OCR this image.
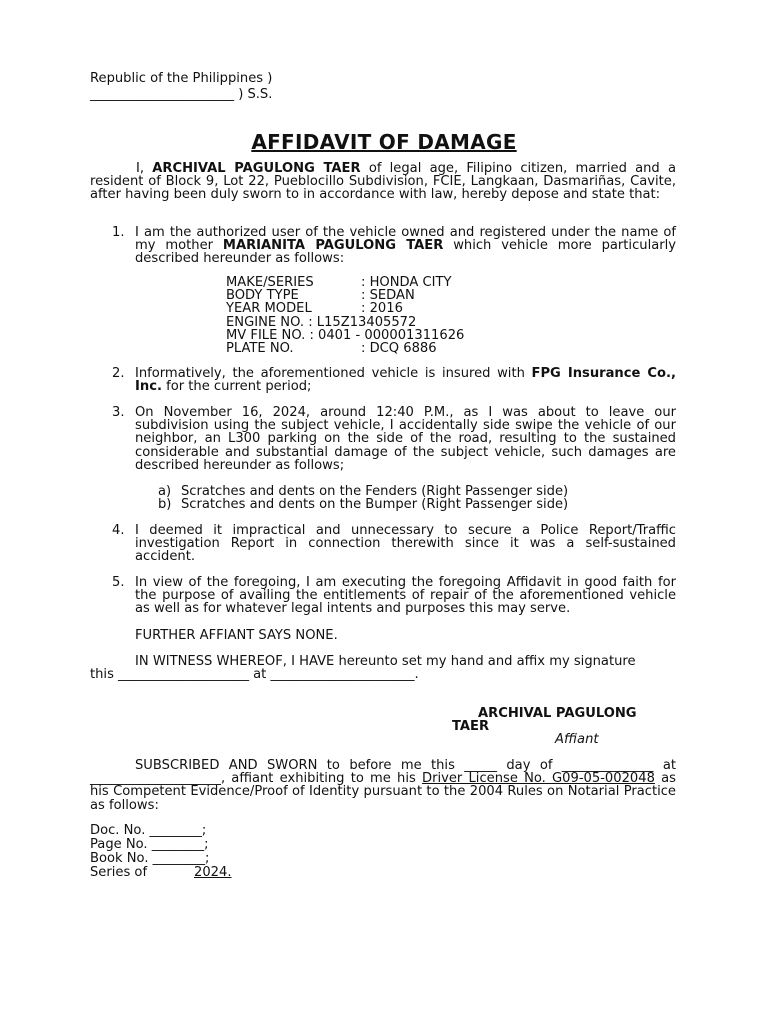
Republic of the Philippines )
______________________ ) S.S.
AFFIDAVIT OF DAMAGE
I, ARCHIVAL PAGULONG TAER of legal age, Filipino citizen, married and a resident of Block 9, Lot 22, Pueblocillo Subdivision, FCIE, Langkaan, Dasmariñas, Cavite, after having been duly sworn to in accordance with law, hereby depose and state that:
1. I am the authorized user of the vehicle owned and registered under the name of my mother MARIANITA PAGULONG TAER which vehicle more particularly described hereunder as follows:
MAKE/SERIES	: HONDA CITY
BODY TYPE	: SEDAN
YEAR MODEL	: 2016
ENGINE NO. : L15Z13405572
MV FILE NO. : 0401 - 000001311626
PLATE NO.	: DCQ 6886
2. Informatively, the aforementioned vehicle is insured with FPG Insurance Co., Inc. for the current period;
3. On November 16, 2024, around 12:40 P.M., as I was about to leave our subdivision using the subject vehicle, I accidentally side swipe the vehicle of our neighbor, an L300 parking on the side of the road, resulting to the sustained considerable and substantial damage of the subject vehicle, such damages are described hereunder as follows;
a) Scratches and dents on the Fenders (Right Passenger side)
b) Scratches and dents on the Bumper (Right Passenger side)
4. I deemed it impractical and unnecessary to secure a Police Report/Traffic investigation Report in connection therewith since it was a self-sustained accident.
5. In view of the foregoing, I am executing the foregoing Affidavit in good faith for the purpose of availing the entitlements of repair of the aforementioned vehicle as well as for whatever legal intents and purposes this may serve.
FURTHER AFFIANT SAYS NONE.
IN WITNESS WHEREOF, I HAVE hereunto set my hand and affix my signature
this ____________________ at ______________________.
ARCHIVAL PAGULONG
TAER
Affiant
SUBSCRIBED AND SWORN to before me this _____ day of ______________ at ____________________, affiant exhibiting to me his Driver License No. G09-05-002048 as his Competent Evidence/Proof of Identity pursuant to the 2004 Rules on Notarial Practice as follows:
Doc. No. ________;
Page No. ________;
Book No. ________;
Series of	2024.
